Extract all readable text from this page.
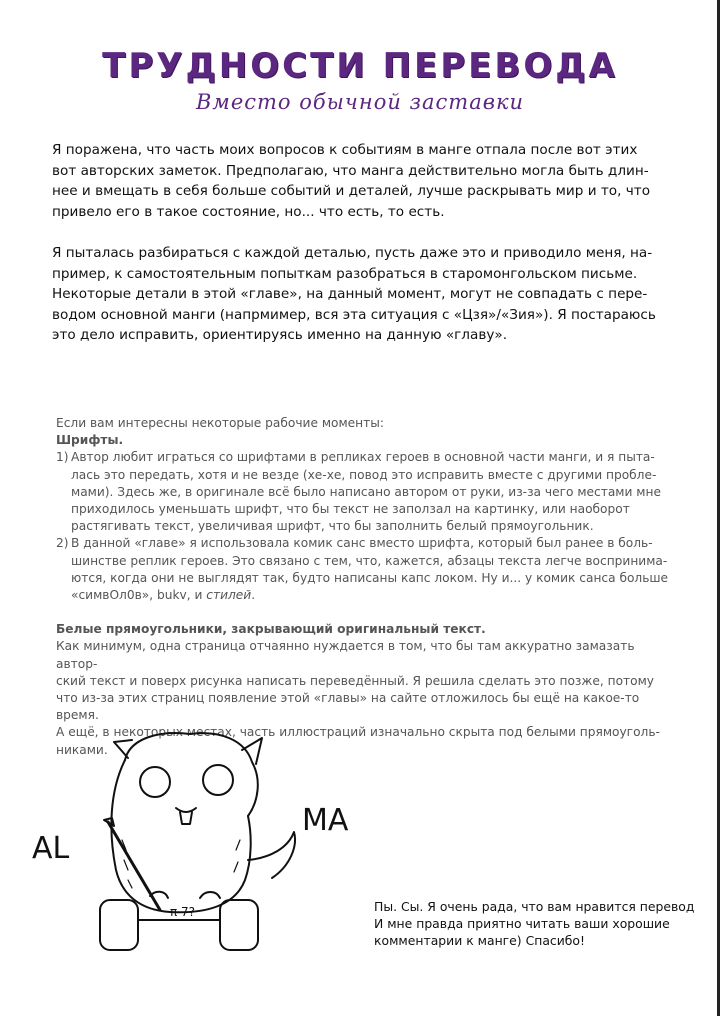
ТРУДНОСТИ ПЕРЕВОДА
Вместо обычной заставки

Я поражена, что часть моих вопросов к событиям в манге отпала после вот этих
вот авторских заметок. Предполагаю, что манга действительно могла быть длин-
нее и вмещать в себя больше событий и деталей, лучше раскрывать мир и то, что
привело его в такое состояние, но... что есть, то есть.

Я пыталась разбираться с каждой деталью, пусть даже это и приводило меня, на-
пример, к самостоятельным попыткам разобраться в старомонгольском письме.
Некоторые детали в этой «главе», на данный момент, могут не совпадать с пере-
водом основной манги (напрмимер, вся эта ситуация с «Цзя»/«Зия»). Я постараюсь
это дело исправить, ориентируясь именно на данную «главу».

Если вам интересны некоторые рабочие моменты:

Шрифты.

1) Автор любит играться со шрифтами в репликах героев в основной части манги, и я пыта-
лась это передать, хотя и не везде (хе-хе, повод это исправить вместе с другими пробле-
мами). Здесь же, в оригинале всё было написано автором от руки, из-за чего местами мне
приходилось уменьшать шрифт, что бы текст не заползал на картинку, или наоборот
растягивать текст, увеличивая шрифт, что бы заполнить белый прямоугольник.
2) В данной «главе» я использовала комик санс вместо шрифта, который был ранее в боль-
шинстве реплик героев. Это связано с тем, что, кажется, абзацы текста легче воспринима-
ются, когда они не выглядят так, будто написаны капс локом. Ну и... у комик санса больше
«симвОл0в», bukv, и стилей.

Белые прямоугольники, закрывающий оригинальный текст.

Как минимум, одна страница отчаянно нуждается в том, что бы там аккуратно замазать автор-
ский текст и поверх рисунка написать переведённый. Я решила сделать это позже, потому
что из-за этих страниц появление этой «главы» на сайте отложилось бы ещё на какое-то
время.
А ещё, в некоторых местах, часть иллюстраций изначально скрыта под белыми прямоуголь-
никами.

AL
MA
π 7?	Пы. Сы. Я очень рада, что вам нравится перевод

И мне правда приятно читать ваши хорошие

комментарии к манге) Спасибо!
